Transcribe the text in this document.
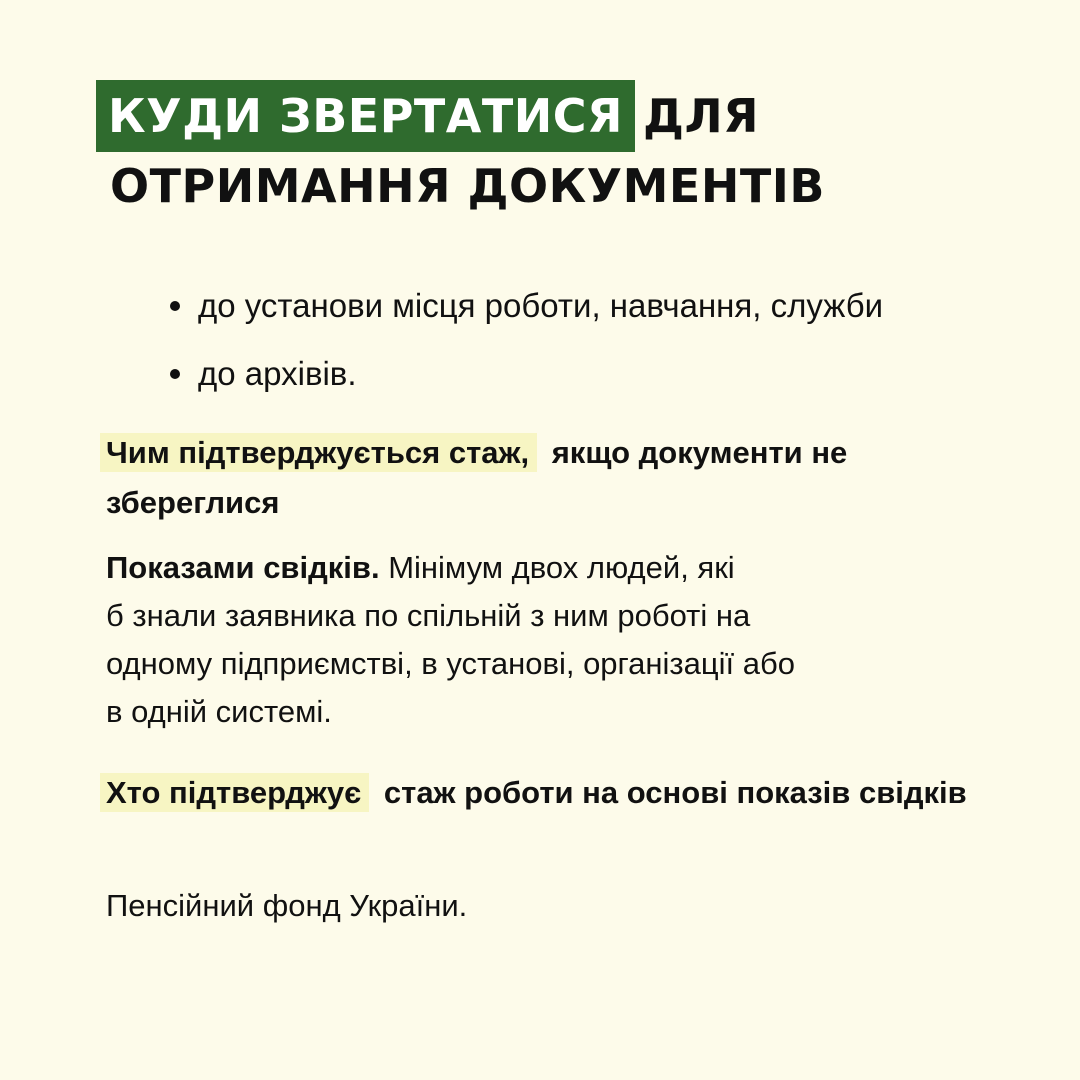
КУДИ ЗВЕРТАТИСЯ ДЛЯ
ОТРИМАННЯ ДОКУМЕНТІВ
до установи місця роботи, навчання, служби
до архівів.
Чим підтверджується стаж, якщо документи не збереглися
Показами свідків. Мінімум двох людей, які
б знали заявника по спільній з ним роботі на
одному підприємстві, в установі, організації або
в одній системі.
Хто підтверджує стаж роботи на основі показів свідків
Пенсійний фонд України.
